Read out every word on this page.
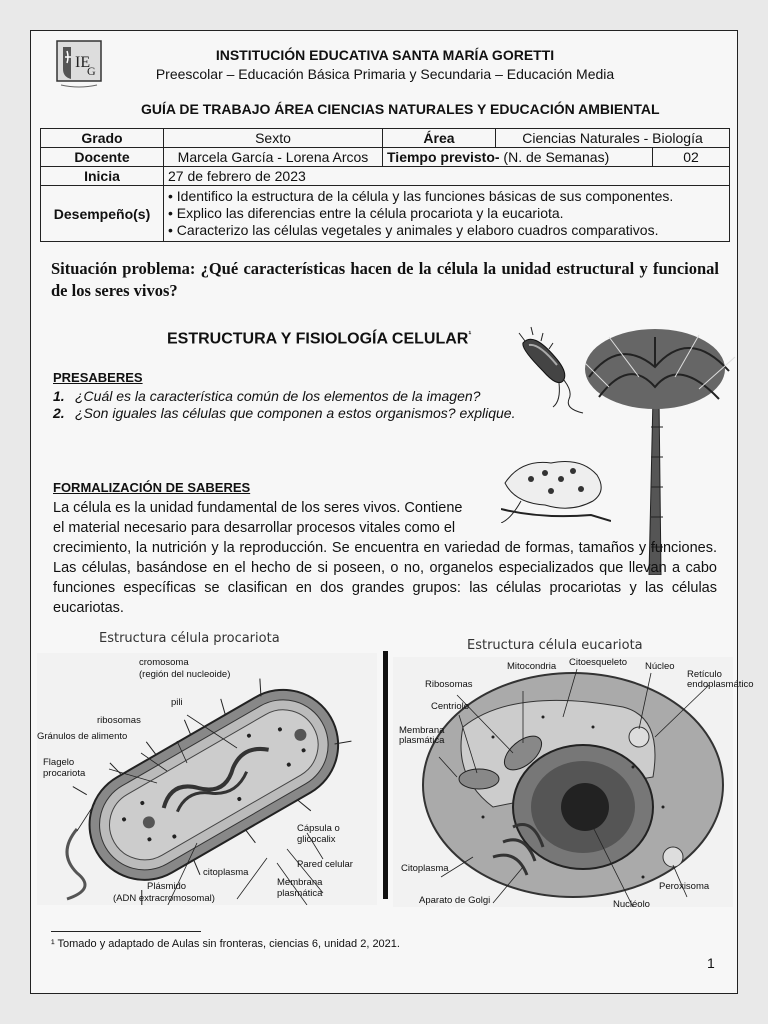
IE
G
INSTITUCIÓN EDUCATIVA SANTA MARÍA GORETTI
Preescolar – Educación Básica Primaria y Secundaria – Educación Media
GUÍA DE TRABAJO ÁREA CIENCIAS NATURALES Y EDUCACIÓN AMBIENTAL
Grado	Sexto	Área	Ciencias Naturales - Biología	
Docente	Marcela García - Lorena Arcos	Tiempo previsto- (N. de Semanas)		02
Inicia	27 de febrero de 2023			
Desempeño(s)	• Identifico la estructura de la célula y las funciones básicas de sus componentes.
• Explico las diferencias entre la célula procariota y la eucariota.
• Caracterizo las células vegetales y animales y elaboro cuadros comparativos.			
Situación problema: ¿Qué características hacen de la célula la unidad estructural y funcional de los seres vivos?
ESTRUCTURA Y FISIOLOGÍA $CELULAR^{^1}$
PRESABERES
1. ¿Cuál es la característica común de los elementos de la imagen?
2. ¿Son iguales las células que componen a estos organismos? explique.
FORMALIZACIÓN DE SABERES
La célula es la unidad fundamental de los seres vivos. Contiene
el material necesario para desarrollar procesos vitales como el
crecimiento, la nutrición y la reproducción. Se encuentra en variedad de formas, tamaños y funciones. Las células, basándose en el hecho de si poseen, o no, organelos especializados que llevan a cabo funciones específicas se clasifican en dos grandes grupos: las células procariotas y las células eucariotas.
Estructura célula procariota
cromosoma
(región del nucleoide)
pili
ribosomas
Gránulos de alimento
Flagelo
procariota
Cápsula o
glicocalix
Pared celular
citoplasma
Membrana
plasmática
Plásmido
(ADN extracromosomal)
Estructura célula eucariota
Mitocondria Citoesqueleto Núcleo
Retículo
endoplasmático
Ribosomas
Centriolo
Membrana
plasmática
Citoplasma
Aparato de Golgi	Nucléolo
Peroxisoma
¹ Tomado y adaptado de Aulas sin fronteras, ciencias 6, unidad 2, 2021.
1
